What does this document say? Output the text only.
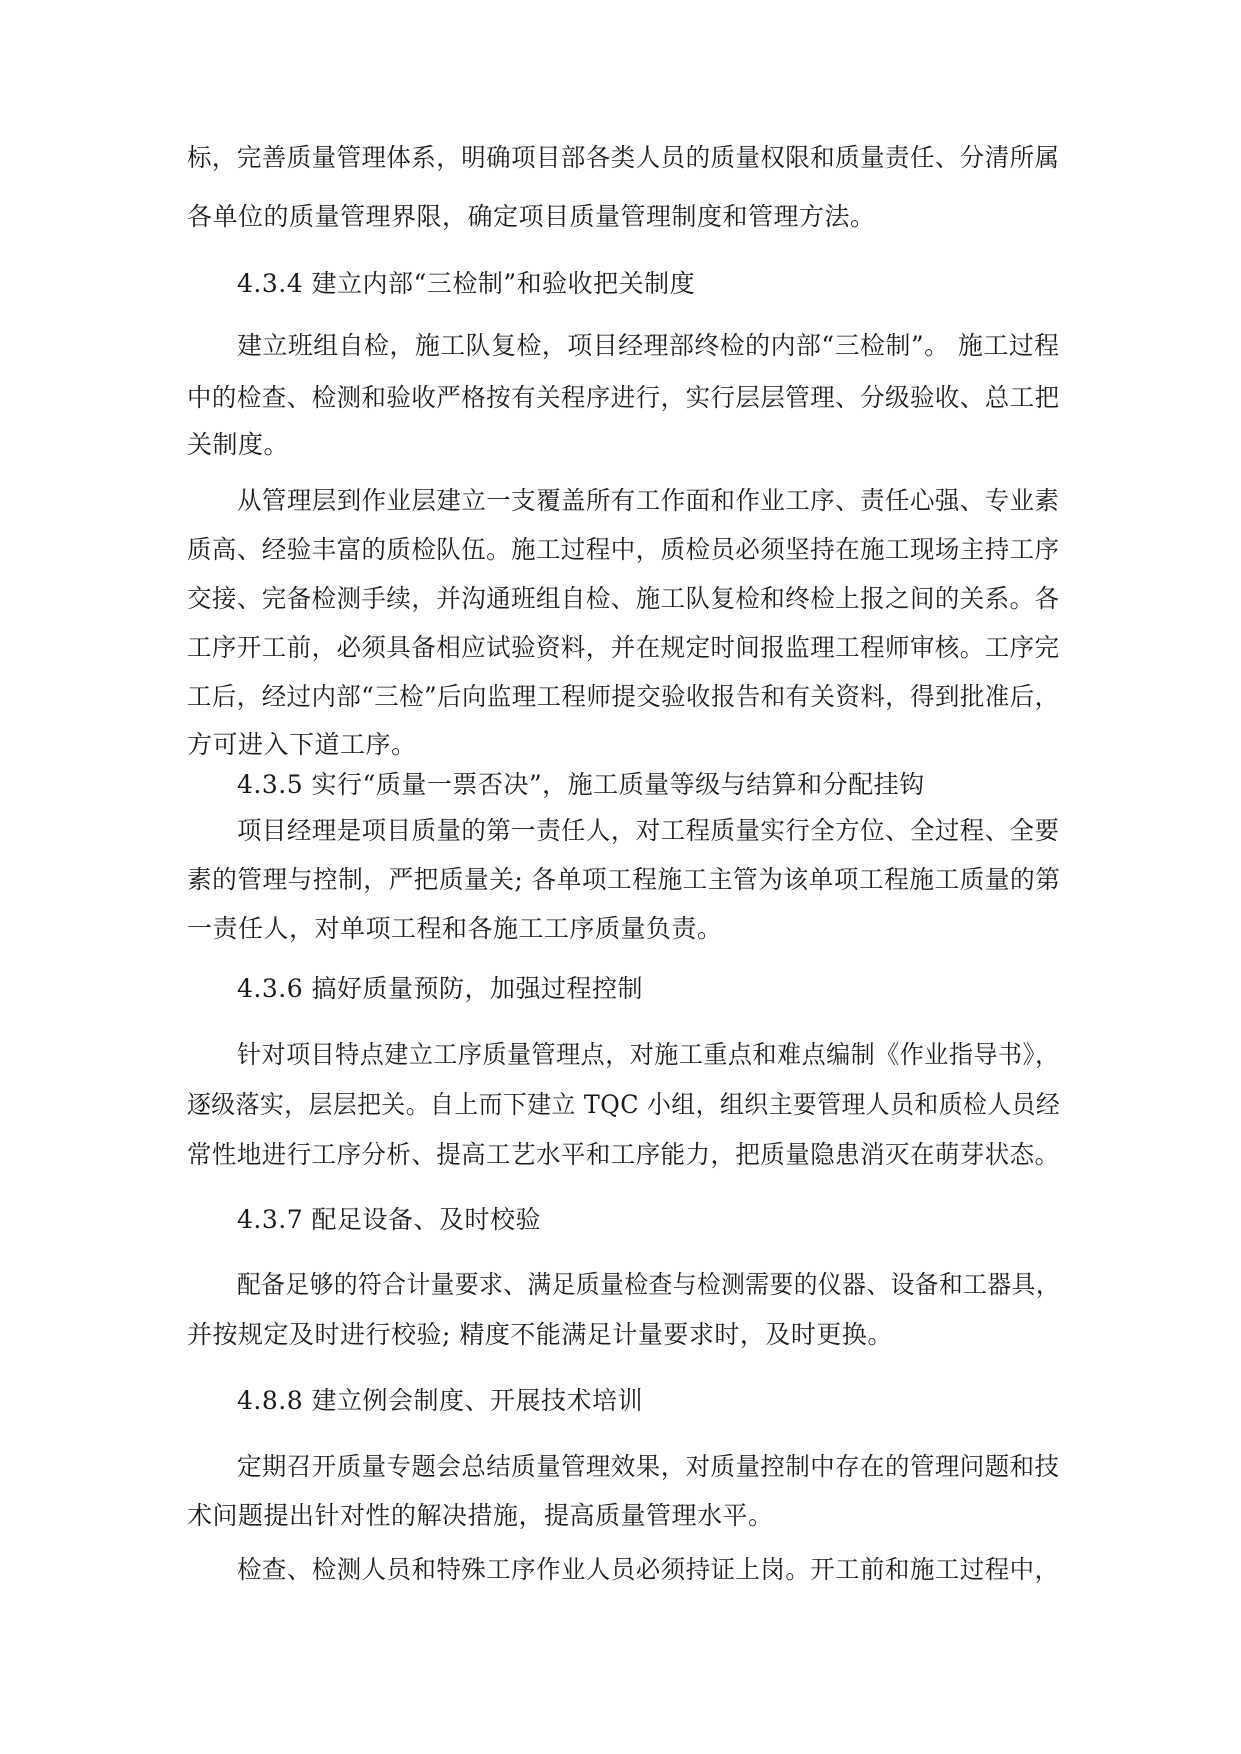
标，完善质量管理体系，明确项目部各类人员的质量权限和质量责任、分清所属
各单位的质量管理界限，确定项目质量管理制度和管理方法。
4.3.4 建立内部“三检制”和验收把关制度
建立班组自检，施工队复检，项目经理部终检的内部“三检制”。 施工过程
中的检查、检测和验收严格按有关程序进行，实行层层管理、分级验收、总工把
关制度。
从管理层到作业层建立一支覆盖所有工作面和作业工序、责任心强、专业素
质高、经验丰富的质检队伍。施工过程中，质检员必须坚持在施工现场主持工序
交接、完备检测手续，并沟通班组自检、施工队复检和终检上报之间的关系。各
工序开工前，必须具备相应试验资料，并在规定时间报监理工程师审核。工序完
工后，经过内部“三检”后向监理工程师提交验收报告和有关资料，得到批准后，
方可进入下道工序。
4.3.5 实行“质量一票否决”，施工质量等级与结算和分配挂钩
项目经理是项目质量的第一责任人，对工程质量实行全方位、全过程、全要
素的管理与控制，严把质量关; 各单项工程施工主管为该单项工程施工质量的第
一责任人，对单项工程和各施工工序质量负责。
4.3.6 搞好质量预防，加强过程控制
针对项目特点建立工序质量管理点，对施工重点和难点编制《作业指导书》，
逐级落实，层层把关。自上而下建立 TQC 小组，组织主要管理人员和质检人员经
常性地进行工序分析、提高工艺水平和工序能力，把质量隐患消灭在萌芽状态。
4.3.7 配足设备、及时校验
配备足够的符合计量要求、满足质量检查与检测需要的仪器、设备和工器具，
并按规定及时进行校验; 精度不能满足计量要求时，及时更换。
4.8.8 建立例会制度、开展技术培训
定期召开质量专题会总结质量管理效果，对质量控制中存在的管理问题和技
术问题提出针对性的解决措施，提高质量管理水平。
检查、检测人员和特殊工序作业人员必须持证上岗。开工前和施工过程中，
